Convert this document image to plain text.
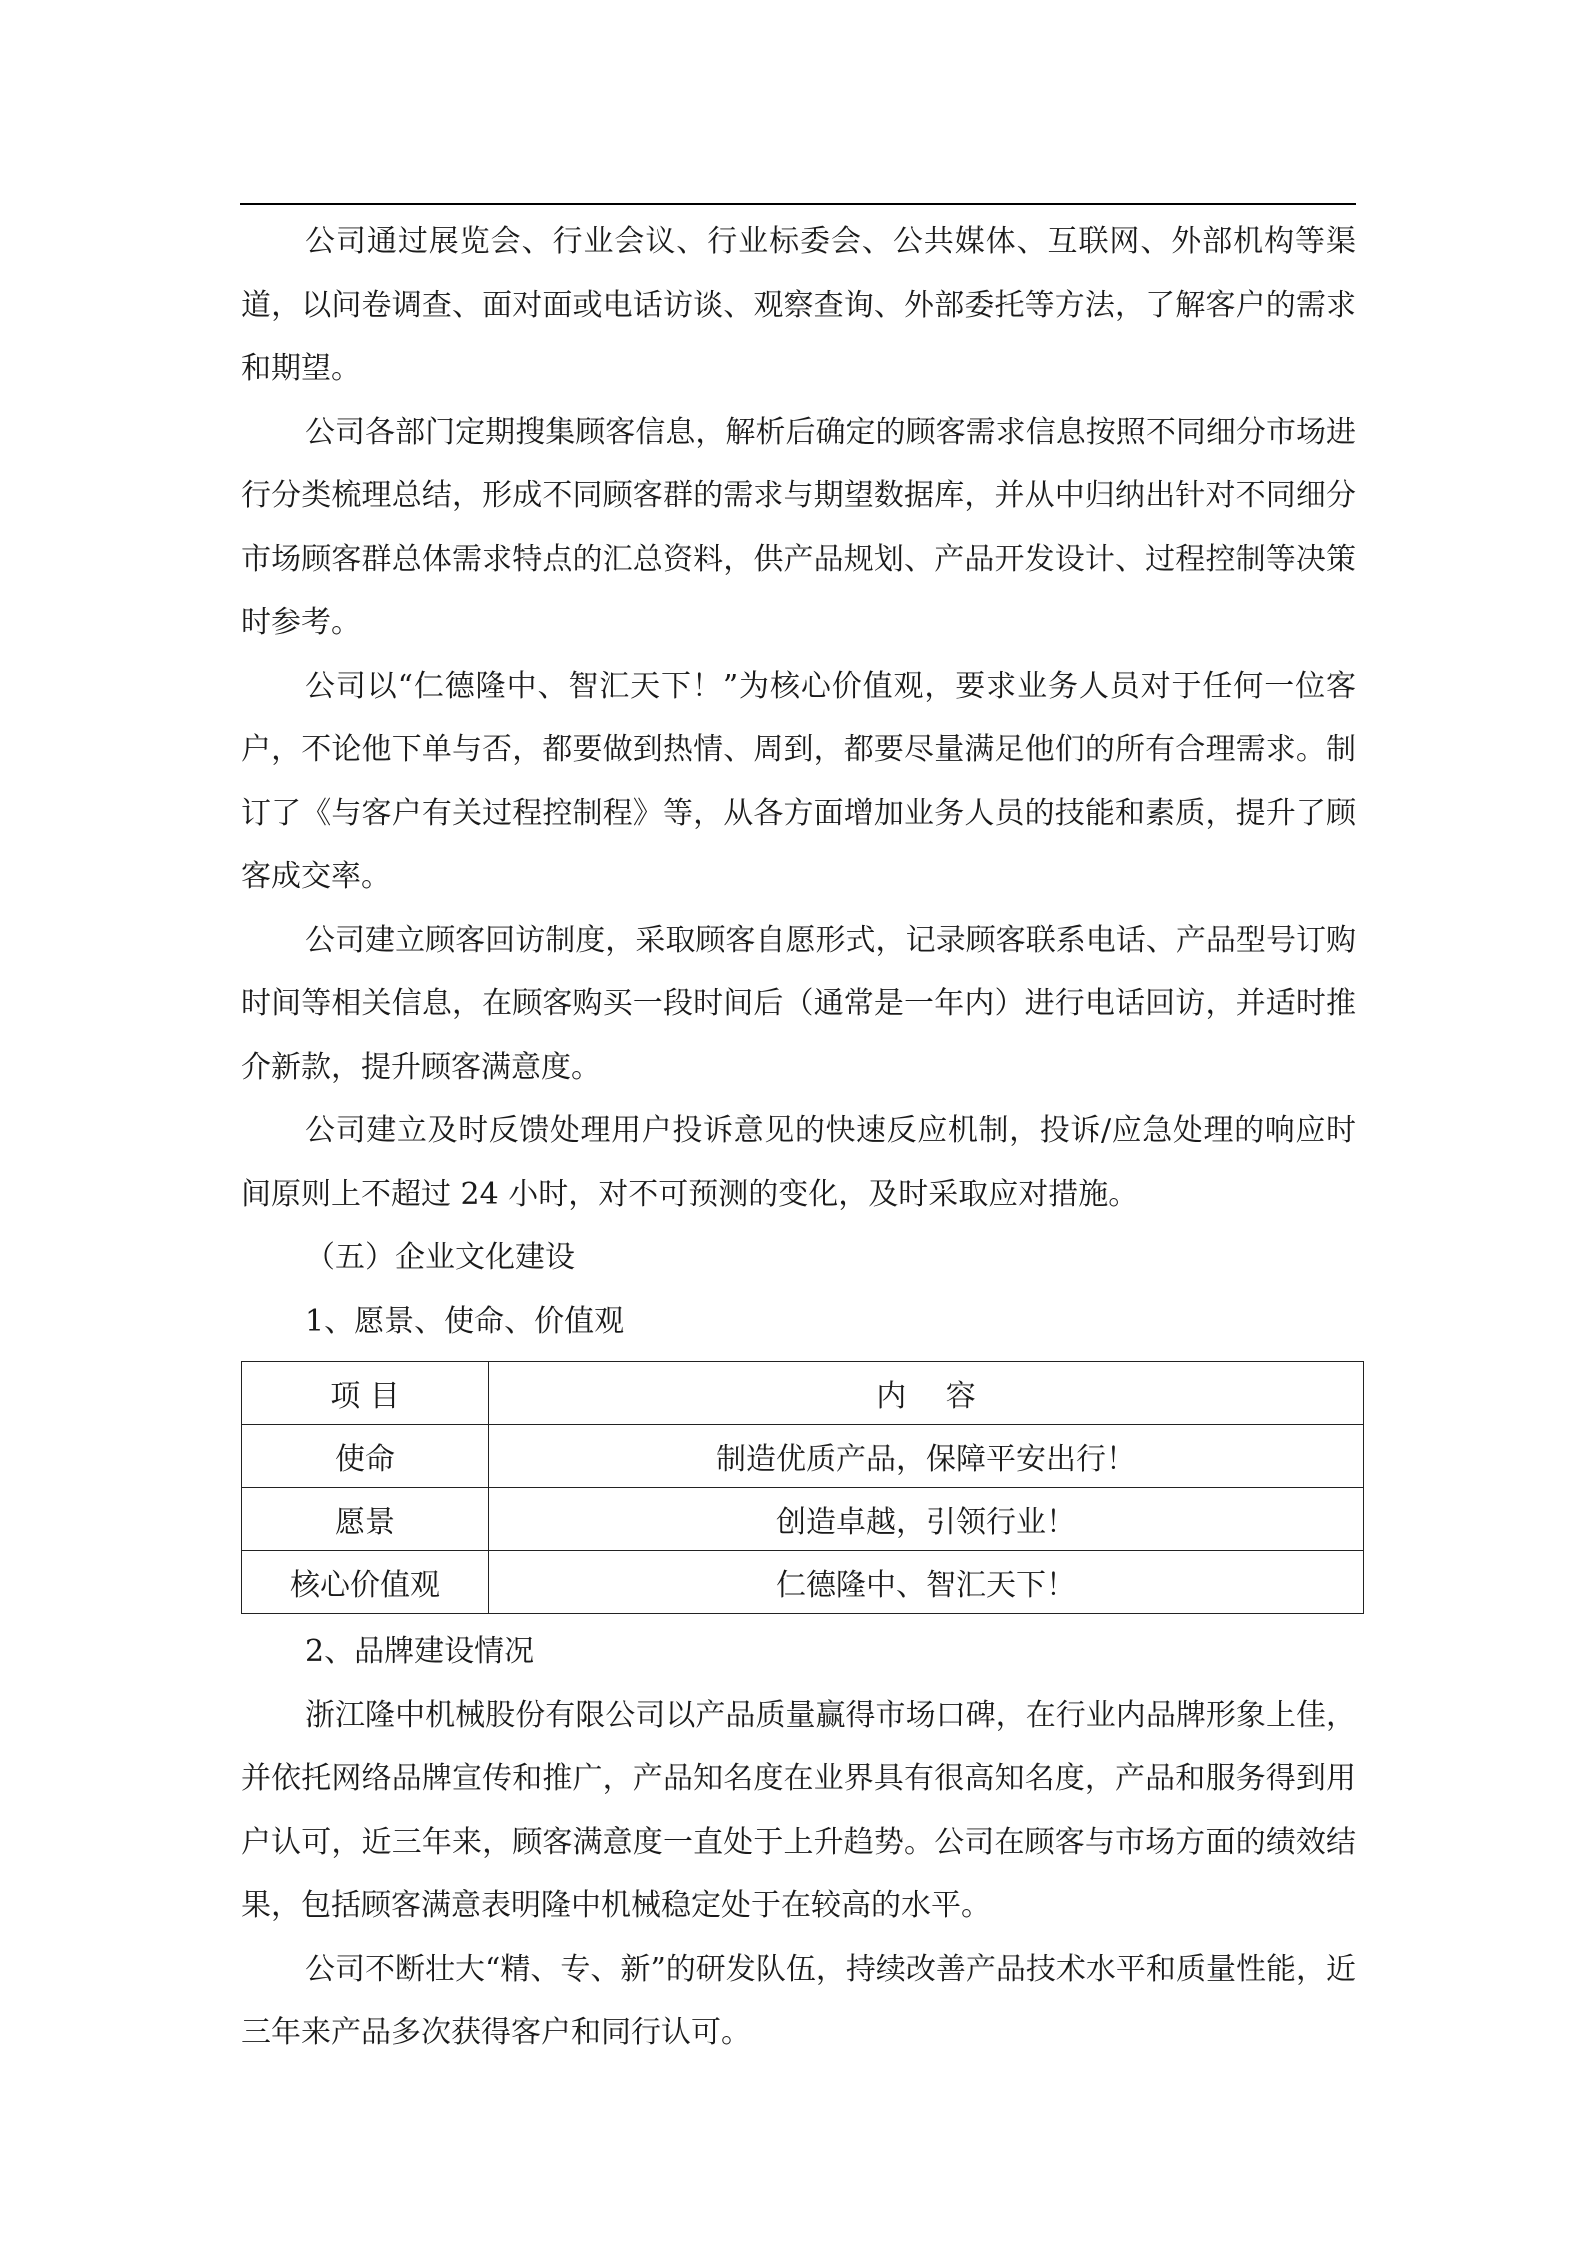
公司通过展览会、行业会议、行业标委会、公共媒体、互联网、外部机构等渠道，以问卷调查、面对面或电话访谈、观察查询、外部委托等方法，了解客户的需求和期望。

公司各部门定期搜集顾客信息，解析后确定的顾客需求信息按照不同细分市场进行分类梳理总结，形成不同顾客群的需求与期望数据库，并从中归纳出针对不同细分市场顾客群总体需求特点的汇总资料，供产品规划、产品开发设计、过程控制等决策时参考。

公司以“仁德隆中、智汇天下！”为核心价值观，要求业务人员对于任何一位客户，不论他下单与否，都要做到热情、周到，都要尽量满足他们的所有合理需求。制订了《与客户有关过程控制程》等，从各方面增加业务人员的技能和素质，提升了顾客成交率。

公司建立顾客回访制度，采取顾客自愿形式，记录顾客联系电话、产品型号订购时间等相关信息，在顾客购买一段时间后（通常是一年内）进行电话回访，并适时推介新款，提升顾客满意度。

公司建立及时反馈处理用户投诉意见的快速反应机制，投诉/应急处理的响应时间原则上不超过 24 小时，对不可预测的变化，及时采取应对措施。

（五）企业文化建设

1、愿景、使命、价值观

项 目	内　 容
使命	制造优质产品，保障平安出行！
愿景	创造卓越，引领行业！
核心价值观	仁德隆中、智汇天下！

2、品牌建设情况

浙江隆中机械股份有限公司以产品质量赢得市场口碑，在行业内品牌形象上佳，并依托网络品牌宣传和推广，产品知名度在业界具有很高知名度，产品和服务得到用户认可，近三年来，顾客满意度一直处于上升趋势。公司在顾客与市场方面的绩效结果，包括顾客满意表明隆中机械稳定处于在较高的水平。

公司不断壮大“精、专、新”的研发队伍，持续改善产品技术水平和质量性能，近三年来产品多次获得客户和同行认可。
